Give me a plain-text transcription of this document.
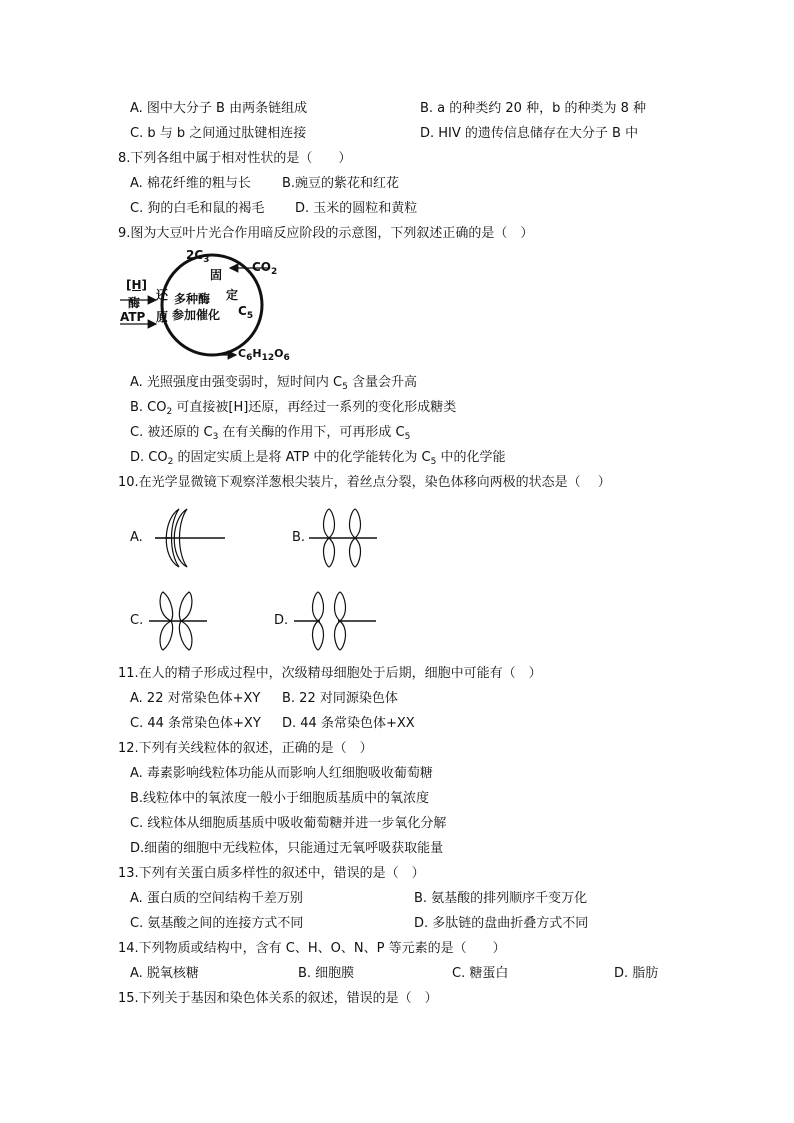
A. 图中大分子 B 由两条链组成	B. a 的种类约 20 种，b 的种类为 8 种
C. b 与 b 之间通过肽键相连接	D. HIV 的遗传信息储存在大分子 B 中
8.下列各组中属于相对性状的是（　　）
A. 棉花纤维的粗与长 B.豌豆的紫花和红花
C. 狗的白毛和鼠的褐毛 D. 玉米的圆粒和黄粒
9.图为大豆叶片光合作用暗反应阶段的示意图，下列叙述正确的是（　）
$2C_3$	$CO_2$
固
定
$C_5$
[H]
酶
ATP
还
原
多种酶
参加催化
$C_6H_{12}O_6$
A. 光照强度由强变弱时，短时间内 $C_5$ 含量会升高
B. $CO_2$ 可直接被[H]还原，再经过一系列的变化形成糖类
C. 被还原的 $C_3$ 在有关酶的作用下，可再形成 $C_5$
D. $CO_2$ 的固定实质上是将 ATP 中的化学能转化为 $C_5$ 中的化学能
10.在光学显微镜下观察洋葱根尖装片，着丝点分裂，染色体移向两极的状态是（　 ）
A.	B.
C.	D.
11.在人的精子形成过程中，次级精母细胞处于后期，细胞中可能有（　）
A. 22 对常染色体+XY B. 22 对同源染色体
C. 44 条常染色体+XY D. 44 条常染色体+XX
12.下列有关线粒体的叙述，正确的是（　）
A. 毒素影响线粒体功能从而影响人红细胞吸收葡萄糖
B.线粒体中的氧浓度一般小于细胞质基质中的氧浓度
C. 线粒体从细胞质基质中吸收葡萄糖并进一步氧化分解
D.细菌的细胞中无线粒体，只能通过无氧呼吸获取能量
13.下列有关蛋白质多样性的叙述中，错误的是（　）
A. 蛋白质的空间结构千差万别	B. 氨基酸的排列顺序千变万化
C. 氨基酸之间的连接方式不同	D. 多肽链的盘曲折叠方式不同
14.下列物质或结构中，含有 C、H、O、N、P 等元素的是（　　）
A. 脱氧核糖	B. 细胞膜	C. 糖蛋白	D. 脂肪
15.下列关于基因和染色体关系的叙述，错误的是（　）
